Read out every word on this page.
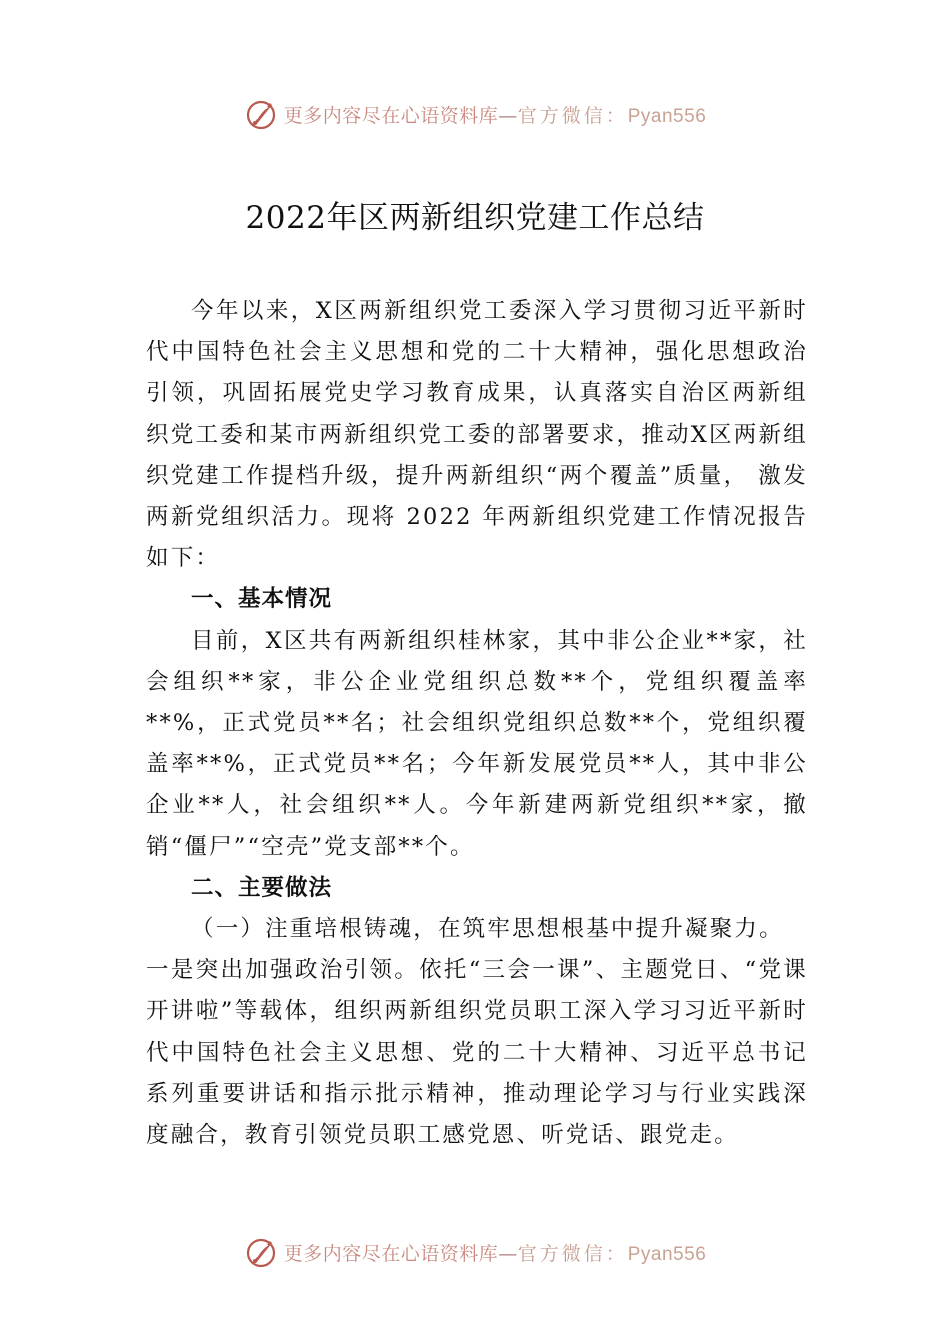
更多内容尽在心语资料库—官方微信：Pyan556
2022年区两新组织党建工作总结

今年以来，X区两新组织党工委深入学习贯彻习近平新时代中国特色社会主义思想和党的二十大精神，强化思想政治引领，巩固拓展党史学习教育成果，认真落实自治区两新组织党工委和某市两新组织党工委的部署要求，推动X区两新组织党建工作提档升级，提升两新组织“两个覆盖”质量， 激发两新党组织活力。现将 2022 年两新组织党建工作情况报告如下：

一、基本情况

目前，X区共有两新组织桂林家，其中非公企业**家，社会组织**家，非公企业党组织总数**个，党组织覆盖率**%，正式党员**名；社会组织党组织总数**个，党组织覆盖率**%，正式党员**名；今年新发展党员**人，其中非公企业**人，社会组织**人。今年新建两新党组织**家，撤销“僵尸”“空壳”党支部**个。

二、主要做法

（一）注重培根铸魂，在筑牢思想根基中提升凝聚力。

一是突出加强政治引领。依托“三会一课”、主题党日、“党课开讲啦”等载体，组织两新组织党员职工深入学习习近平新时代中国特色社会主义思想、党的二十大精神、习近平总书记系列重要讲话和指示批示精神，推动理论学习与行业实践深度融合，教育引领党员职工感党恩、听党话、跟党走。

更多内容尽在心语资料库—官方微信：Pyan556
